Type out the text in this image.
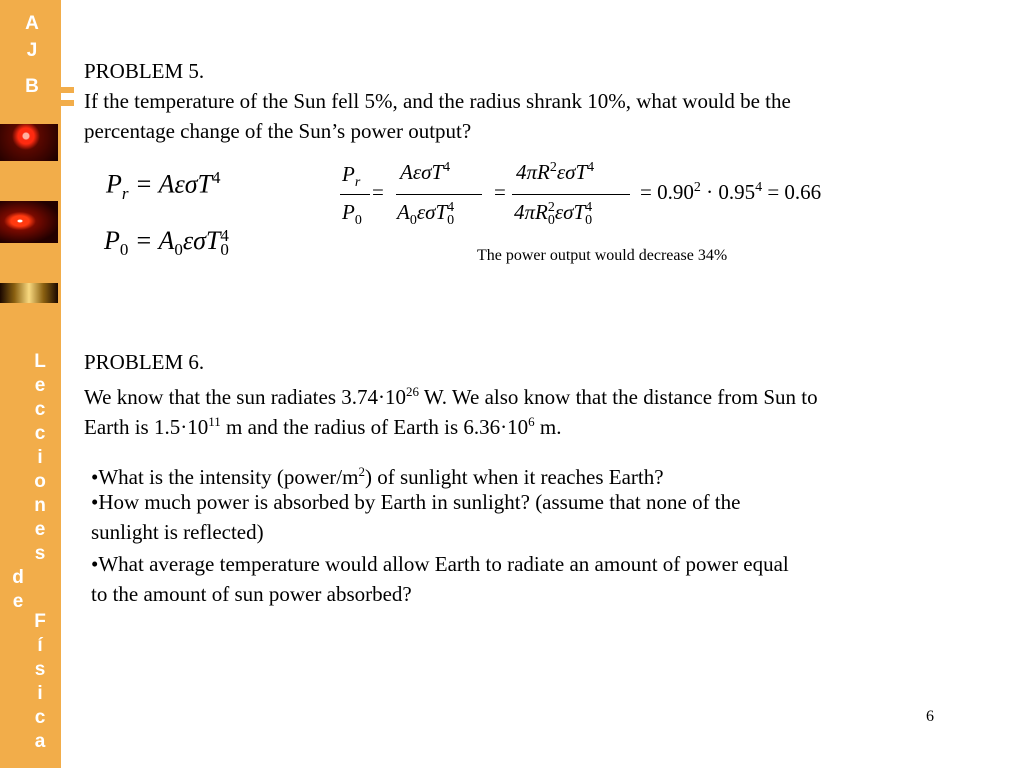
A
J
B
L
e
c
c
i
o
n
e
s
d
e
F
í
s
i
c
a
PROBLEM 5.
If the temperature of the Sun fell 5%, and the radius shrank 10%, what would be the
percentage change of the Sun’s power output?
$P_r = A\varepsilon\sigma T^4$
$P_0 = A_0\varepsilon\sigma T$ 4
0
$P_r$
$P_0$
=
AεσT$^4$
$A_0\varepsilon\sigma T$ 4
0
=
$4\pi R^2\varepsilon\sigma T^4$
4πR 2
0 εσT 4
0
= $0.90^2 \cdot 0.95^4 = 0.66$
The power output would decrease 34%
PROBLEM 6.
We know that the sun radiates $3.74\cdot 10^{26}$ W. We also know that the distance from Sun to
Earth is $1.5\cdot 10^{11}$ m and the radius of Earth is $6.36\cdot 10^6$ m.
•What is the intensity $(power/m^2)$ of sunlight when it reaches Earth?
•How much power is absorbed by Earth in sunlight? (assume that none of the
sunlight is reflected)
•What average temperature would allow Earth to radiate an amount of power equal
to the amount of sun power absorbed?
6
